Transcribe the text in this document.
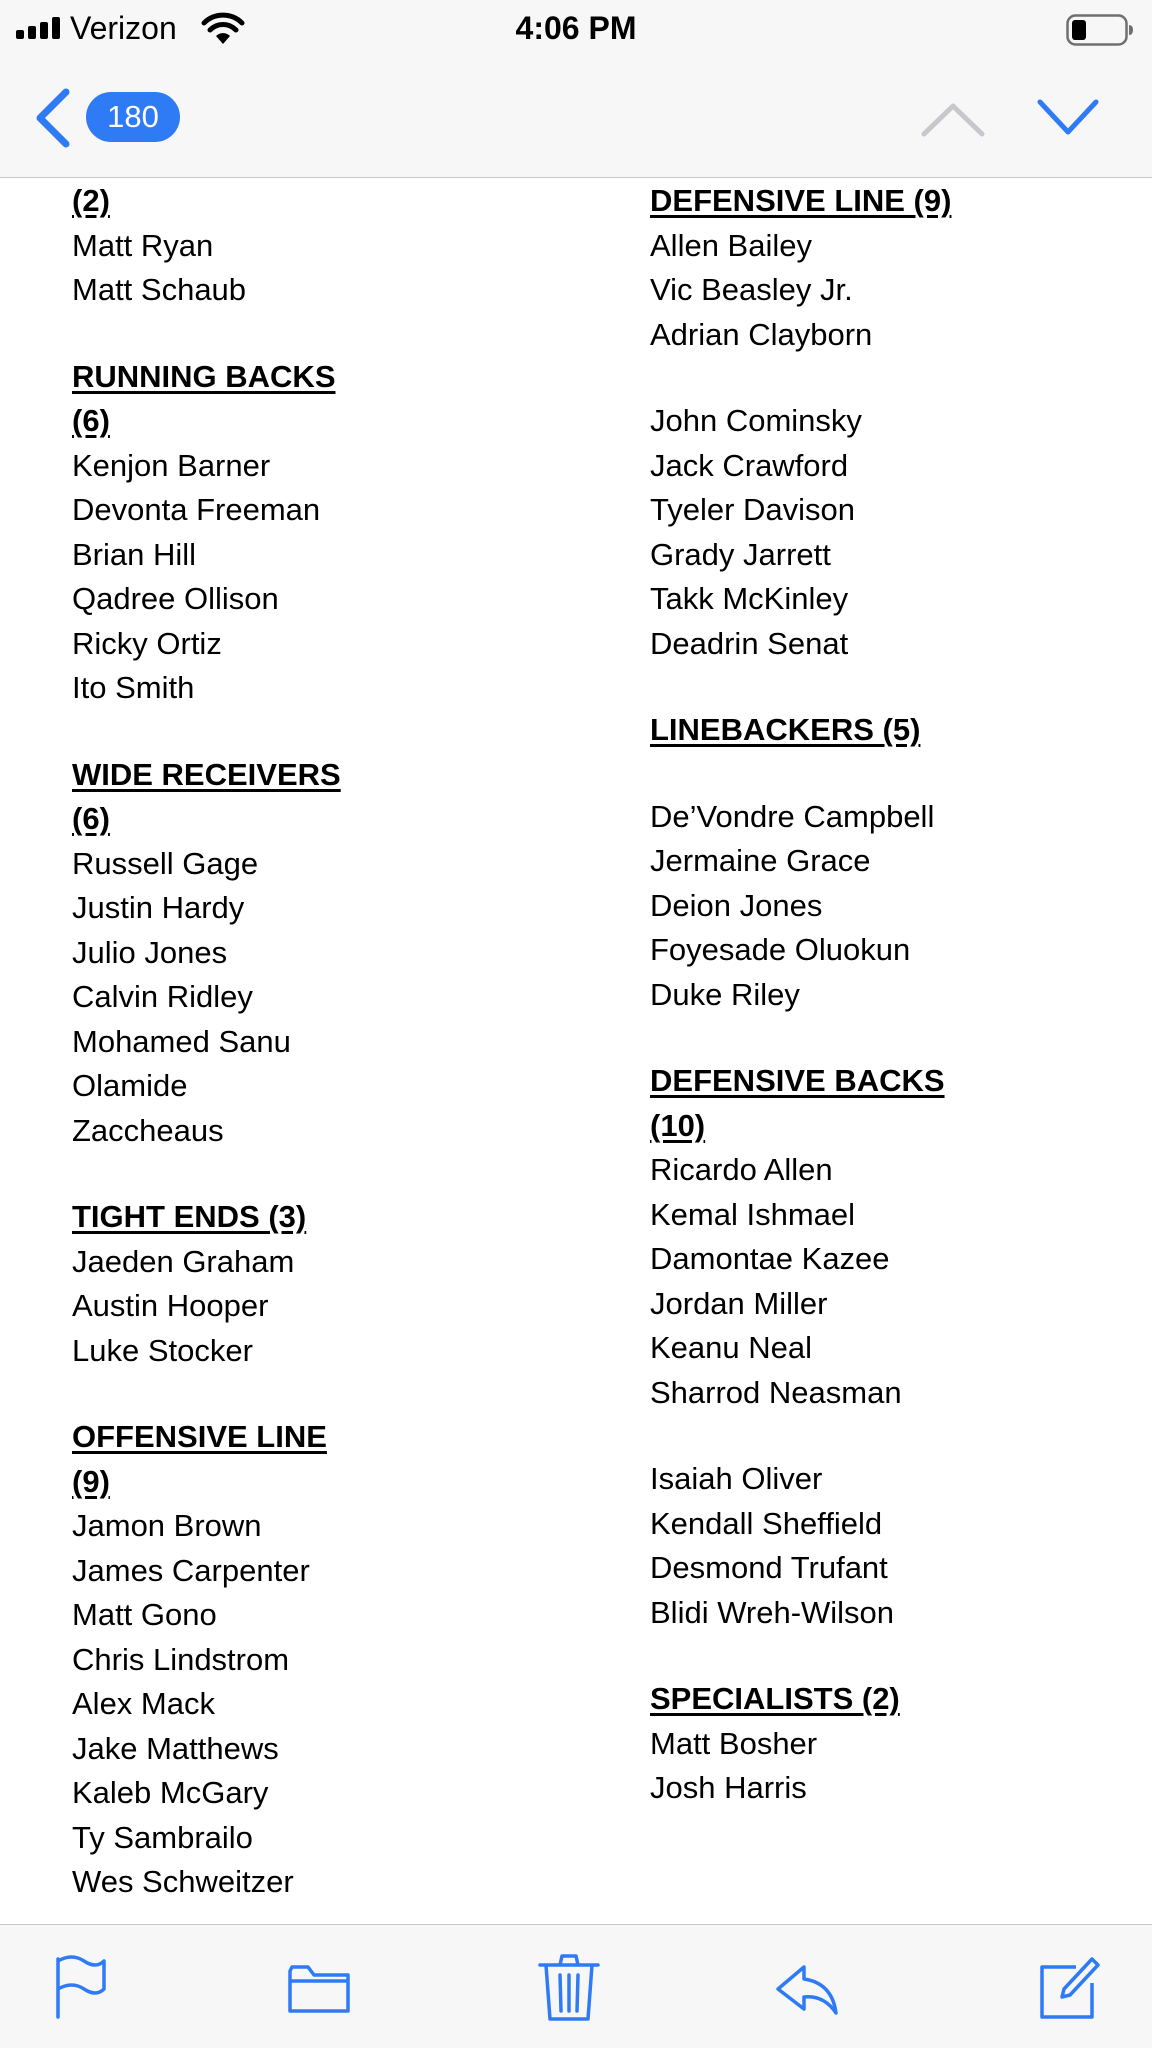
Verizon	4:06 PM
180
(2)
Matt Ryan
Matt Schaub
RUNNING BACKS
(6)
Kenjon Barner
Devonta Freeman
Brian Hill
Qadree Ollison
Ricky Ortiz
Ito Smith
WIDE RECEIVERS
(6)
Russell Gage
Justin Hardy
Julio Jones
Calvin Ridley
Mohamed Sanu
Olamide
Zaccheaus
TIGHT ENDS (3)
Jaeden Graham
Austin Hooper
Luke Stocker
OFFENSIVE LINE
(9)
Jamon Brown
James Carpenter
Matt Gono
Chris Lindstrom
Alex Mack
Jake Matthews
Kaleb McGary
Ty Sambrailo
Wes Schweitzer
DEFENSIVE LINE (9)
Allen Bailey
Vic Beasley Jr.
Adrian Clayborn
John Cominsky
Jack Crawford
Tyeler Davison
Grady Jarrett
Takk McKinley
Deadrin Senat
LINEBACKERS (5)
De’Vondre Campbell
Jermaine Grace
Deion Jones
Foyesade Oluokun
Duke Riley
DEFENSIVE BACKS
(10)
Ricardo Allen
Kemal Ishmael
Damontae Kazee
Jordan Miller
Keanu Neal
Sharrod Neasman
Isaiah Oliver
Kendall Sheffield
Desmond Trufant
Blidi Wreh-Wilson
SPECIALISTS (2)
Matt Bosher
Josh Harris
